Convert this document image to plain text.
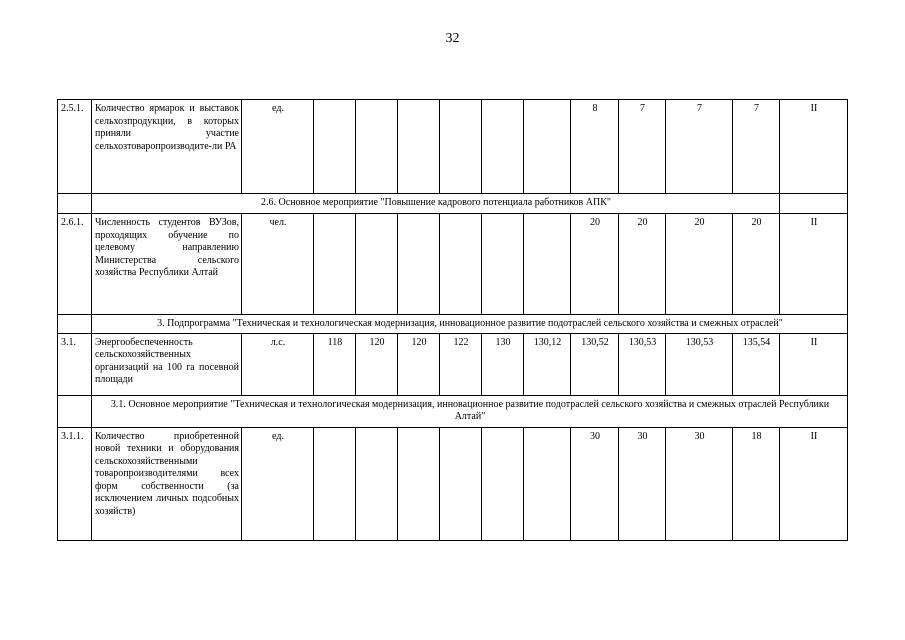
32
2.5.1.	Количество ярмарок и выставок сельхозпродукции, в которых приняли участие сельхозтоваропроизводите-ли РА	ед.							8	7	7	7	II
	2.6. Основное мероприятие "Повышение кадрового потенциала работников АПК"												
2.6.1.	Численность студентов ВУЗов, проходящих обучение по целевому направлению Министерства сельского хозяйства Республики Алтай	чел.							20	20	20	20	II
	3. Подпрограмма "Техническая и технологическая модернизация, инновационное развитие подотраслей сельского хозяйства и смежных отраслей"												
3.1.	Энергообеспеченность сельскохозяйственных организаций на 100 га посевной площади	л.с.	118	120	120	122	130	130,12	130,52	130,53	130,53	135,54	II
	3.1. Основное мероприятие "Техническая и технологическая модернизация, инновационное развитие подотраслей сельского хозяйства и смежных отраслей Республики Алтай"												
3.1.1.	Количество приобретенной новой техники и оборудования сельскохозяйственными товаропроизводителями всех форм собственности (за исключением личных подсобных хозяйств)	ед.							30	30	30	18	II
